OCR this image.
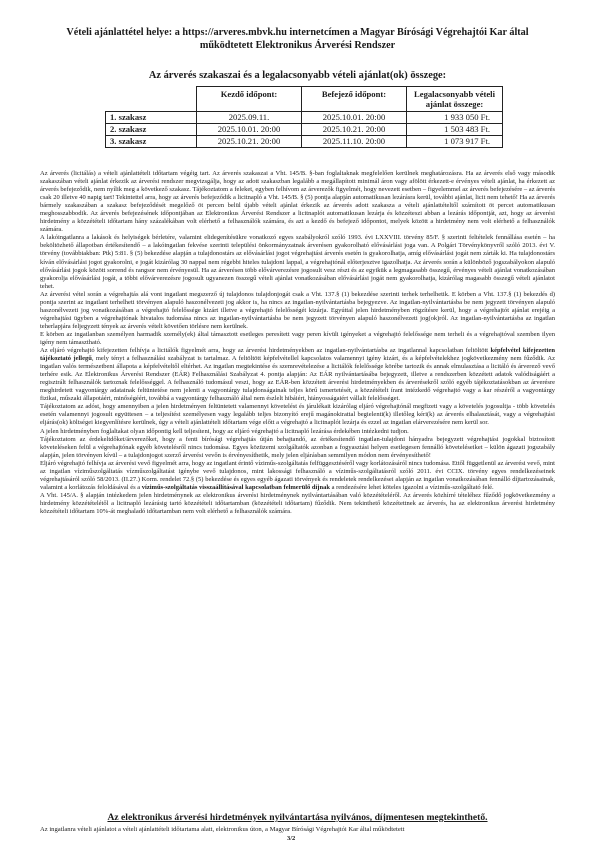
Vételi ajánlattétel helye: a https://arveres.mbvk.hu internetcímen a Magyar Bírósági Végrehajtói Kar által
működtetett Elektronikus Árverési Rendszer
Az árverés szakaszai és a legalacsonyabb vételi ajánlat(ok) összege:
	Kezdő időpont:	Befejező időpont:	Legalacsonyabb vételi ajánlat összege:
1. szakasz	2025.09.11.	2025.10.01. 20:00	1 933 050 Ft.
2. szakasz	2025.10.01. 20:00	2025.10.21. 20:00	1 503 483 Ft.
3. szakasz	2025.10.21. 20:00	2025.11.10. 20:00	1 073 917 Ft.

Az árverés (licitálás) a vételi ajánlattételi időtartam végéig tart. Az árverés szakaszai a Vht. 145/B. §-ban foglaltaknak megfelelően kerülnek meghatározásra. Ha az árverés első vagy második szakaszában vételi ajánlat érkezik az árverési rendszer megvizsgálja, hogy az adott szakaszban legalább a megállapított minimál áron vagy afölött érkezett-e érvényes vételi ajánlat, ha érkezett az árverés befejeződik, nem nyílik meg a következő szakasz. Tájékoztatom a feleket, egyben felhívom az árverezők figyelmét, hogy nevezett esetben – figyelemmel az árverés befejezésére – az árverés csak 20 illetve 40 napig tart! Tekintettel arra, hogy az árverés befejeződik a licitnapló a Vht. 145/B. § (5) pontja alapján automatikusan lezárásra kerül, további ajánlat, licit nem tehető! Ha az árverés bármely szakaszában a szakasz befejeződését megelőző öt percen belül újabb vételi ajánlat érkezik az árverés adott szakasza a vételi ajánlattételtől számított öt percet automatikusan meghosszabbodik. Az árverés befejezésének időpontjában az Elektronikus Árverési Rendszer a licitnaplót automatikusan lezárja és közzéteszi abban a lezárás időpontját, azt, hogy az árverési hirdetmény a közzétételi időtartam hány százalékában volt elérhető a felhasználók számára, és azt a kezdő és befejező időpontot, melyek között a hirdetmény nem volt elérhető a felhasználók számára.

A lakóingatlanra a lakások és helyiségek bérletére, valamint elidegenítésükre vonatkozó egyes szabályokról szóló 1993. évi LXXVIII. törvény 85/F. § szerinti feltételek fennállása esetén – ha beköltözhető állapotban értékesítendő – a lakóingatlan fekvése szerinti települési önkormányzatnak árverésen gyakorolható elővásárlási joga van. A Polgári Törvénykönyvről szóló 2013. évi V. törvény (továbbiakban: Ptk) 5:81. § (5) bekezdése alapján a tulajdonostárs az elővásárlási jogot végrehajtási árverés esetén is gyakorolhatja, amíg elővásárlási jogát nem zárták ki. Ha tulajdonostárs kíván elővásárlási jogot gyakorolni, e jogát kizárólag 30 nappal nem régebbi hiteles tulajdoni lappal, a végrehajtónál előterjesztve igazolhatja. Az árverés során a különböző jogszabályokon alapuló elővásárlási jogok között sorrend és rangsor nem érvényesül. Ha az árverésen több elővárverezésre jogosult vesz részt és az egyikük a legmagasabb összegű, érvényes vételi ajánlat vonatkozásában gyakorolja elővásárlási jogát, a többi elővárverezésre jogosult ugyanezen összegű vételi ajánlat vonatkozásában elővásárlási jogát nem gyakorolhatja, kizárólag magasabb összegű vételi ajánlatot tehet.

Az árverési vétel során a végrehajtás alá vont ingatlant megszerző új tulajdonos tulajdonjogát csak a Vht. 137.§ (1) bekezdése szerinti terhek terhelhetik. E körben a Vht. 137.§ (1) bekezdés d) pontja szerint az ingatlant terhelheti törvényen alapuló haszonélvezeti jog akkor is, ha nincs az ingatlan-nyilvántartásba bejegyezve. Az ingatlan-nyilvántartásba be nem jegyzett törvényen alapuló haszonélvezeti jog vonatkozásában a végrehajtó felelőssége kizárt illetve a végrehajtó felelősségét kizárja. Egyúttal jelen hirdetményben rögzítésre kerül, hogy a végrehajtót ajánlat erejéig a végrehajtási ügyben a végrehajtónak hivatalos tudomása nincs az ingatlan-nyilvántartásba be nem jegyzett törvényen alapuló haszonélvezeti jog(ok)ról. Az ingatlan-nyilvántartásba az ingatlan teherlapjára feljegyzett tények az árverés vételt követően törlésre nem kerülnek.

E körben az ingatlanban személyen harmadik személy(ek) által támasztott esetleges peresített vagy peren kívüli igényeket a végrehajtó felelőssége nem terheli és a végrehajtóval szemben ilyen igény nem támasztható.

Az eljáró végrehajtó kifejezetten felhívja a licitálók figyelmét arra, hogy az árverési hirdetményekben az ingatlan-nyilvántartásba az ingatlannal kapcsolatban feltöltött képfelvétel kifejezetten tájékoztató jellegű, mely tényt a felhasználási szabályzat is tartalmaz. A feltöltött képfelvétellel kapcsolatos valamennyi igény kizárt, és a képfelvételekhez jogkövetkezmény nem fűződik. Az ingatlan valós természetbeni állapota a képfelvételtől eltérhet. Az ingatlan megtekintése és szemrevételezése a licitálók felelőssége körébe tartozik és annak elmulasztása a licitáló és árverező vevő terhére esik. Az Elektronikus Árverési Rendszer (EÁR) Felhasználási Szabályzat 4. pontja alapján: Az EÁR nyilvántartásába bejegyzett, illetve a rendszerben közzétett adatok valódiságáért a regisztrált felhasználók tartoznak felelősséggel. A felhasználó tudomásul veszi, hogy az EÁR-ben közzétett árverési hirdetményekben és árverésekről szóló egyéb tájékoztatásokban az árverésre meghirdetett vagyontárgy adatainak feltüntetése nem jelenti a vagyontárgy tulajdonságainak teljes körű ismertetését, a közzétételt írant intézkedő végrehajtó vagy a kar részéről a vagyontárgy fizikai, műszaki állapotáért, minőségéért, továbbá a vagyontárgy felhasználó által nem észlelt hibáiért, hiányosságaiért vállalt felelősséget.

Tájékoztatom az adóst, hogy amennyiben a jelen hirdetményen feltüntetett valamennyi követelést és járulékait kizárólag eljáró végrehajtónál megfizeti vagy a követelés jogosultja - több követelés esetén valamennyi jogosult együttesen – a teljesítést személyesen vagy legalább teljes bizonyító erejű magánokirattal begielenti(k) illetőleg kéri(k) az árverés elhalasztását, vagy a végrehajtási eljárás(ok) költségei kiegyenlítésre kerülnek, úgy a vételi ajánlattételi időtartam vége előtt a végrehajtó a licitnaplót lezárja és ezzel az ingatlan elárverezésére nem kerül sor.

A jelen hirdetményben foglaltakat olyan időpontig kell teljesíteni, hogy az eljáró végrehajtó a licitnapló lezárása érdekében intézkedni tudjon.

Tájékoztatom az érdekeltdőket/árverezőket, hogy a fenti bírósági végrehajtás útján behajtandó, az értékesítendő ingatlan-tulajdoni hányadra bejegyzett végrehajtási jogokkal biztosított követeléseken felül a végrehajtónak egyéb követelésről nincs tudomása. Egyes közüzemi szolgáltatók azonban a fogyasztási helyen esetlegesen fennálló követeléseiket – külön ágazati jogszabály alapján, jelen törvényen kívül – a tulajdonjogot szerző árverési vevőn is érvényesíthetik, mely jelen eljárásban semmilyen módon nem érvényesíthető!

Eljáró végrehajtó felhívja az árverési vevő figyelmét arra, hogy az ingatlant érintő víziműs-szolgáltatás felfüggesztéséről vagy korlátozásáról nincs tudomása. Ettől függetlenül az árverési vevő, mint az ingatlan víziműszolgáltatás vízműszolgáltatást igénybe vevő tulajdonos, mint lakossági felhasználó a víziműs-szolgáltatásról szóló 2011. évi CCIX. törvény egyes rendelkezéseinek végrehajtásáról szóló 58/2013. (II.27.) Korm. rendelet 72.§ (5) bekezdése és egyes egyéb ágazati törvények és rendeletek rendelkezései alapján az ingatlan vonatkozásában fennálló díjtartozásainak, valamint a korlátozás feloldásával és a víziműs-szolgáltatás visszaállításával kapcsolatban felmerülő díjnak a rendezésére lehet köteles igazolni a víziműs-szolgáltató felé.

A Vht. 145/A. § alapján intézkedem jelen hirdetménynek az elektronikus árverési hirdetménynek nyilvántartásában való közzétételéről. Az árverés közhírré tételéhez fűződő jogkövetkezmény a hirdetmény közzétételétől a licitnapló lezárásig tartó közzétételi időtartamban (közzétételi időtartam) fűződik. Nem tekinthető közzétettnek az árverés, ha az elektronikus árverési hirdetmény közzétételi időtartam 10%-át meghaladó időtartamban nem volt elérhető a felhasználók számára.

Az elektronikus árverési hirdetmények nyilvántartása nyilvános, díjmentesen megtekinthető.
Az ingatlanra vételi ajánlatot a vételi ajánlattételi időtartama alatt, elektronikus úton, a Magyar Bírósági Végrehajtói Kar által működtetett
3/2
